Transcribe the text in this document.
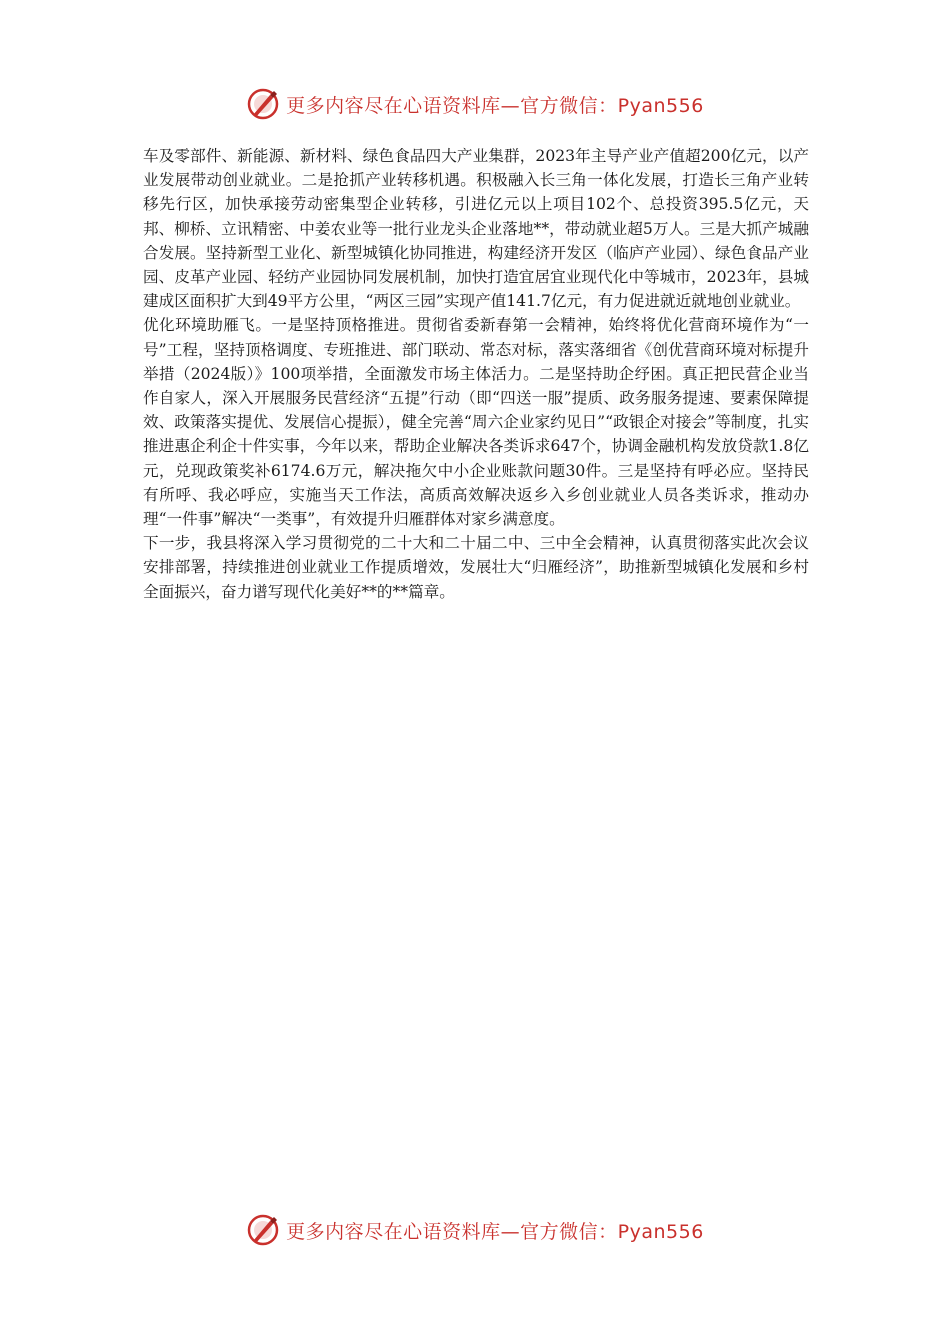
更多内容尽在心语资料库—官方微信：Pyan556

车及零部件、新能源、新材料、绿色食品四大产业集群，2023年主导产业产值超200亿元，以产业发展带动创业就业。二是抢抓产业转移机遇。积极融入长三角一体化发展，打造长三角产业转移先行区，加快承接劳动密集型企业转移，引进亿元以上项目102个、总投资395.5亿元，天邦、柳桥、立讯精密、中姜农业等一批行业龙头企业落地**，带动就业超5万人。三是大抓产城融合发展。坚持新型工业化、新型城镇化协同推进，构建经济开发区（临庐产业园）、绿色食品产业园、皮革产业园、轻纺产业园协同发展机制，加快打造宜居宜业现代化中等城市，2023年，县城建成区面积扩大到49平方公里，“两区三园”实现产值141.7亿元，有力促进就近就地创业就业。

优化环境助雁飞。一是坚持顶格推进。贯彻省委新春第一会精神，始终将优化营商环境作为“一号”工程，坚持顶格调度、专班推进、部门联动、常态对标，落实落细省《创优营商环境对标提升举措（2024版）》100项举措，全面激发市场主体活力。二是坚持助企纾困。真正把民营企业当作自家人，深入开展服务民营经济“五提”行动（即“四送一服”提质、政务服务提速、要素保障提效、政策落实提优、发展信心提振），健全完善“周六企业家约见日”“政银企对接会”等制度，扎实推进惠企利企十件实事，今年以来，帮助企业解决各类诉求647个，协调金融机构发放贷款1.8亿元，兑现政策奖补6174.6万元，解决拖欠中小企业账款问题30件。三是坚持有呼必应。坚持民有所呼、我必呼应，实施当天工作法，高质高效解决返乡入乡创业就业人员各类诉求，推动办理“一件事”解决“一类事”，有效提升归雁群体对家乡满意度。

下一步，我县将深入学习贯彻党的二十大和二十届二中、三中全会精神，认真贯彻落实此次会议安排部署，持续推进创业就业工作提质增效，发展壮大“归雁经济”，助推新型城镇化发展和乡村全面振兴，奋力谱写现代化美好**的**篇章。

更多内容尽在心语资料库—官方微信：Pyan556
